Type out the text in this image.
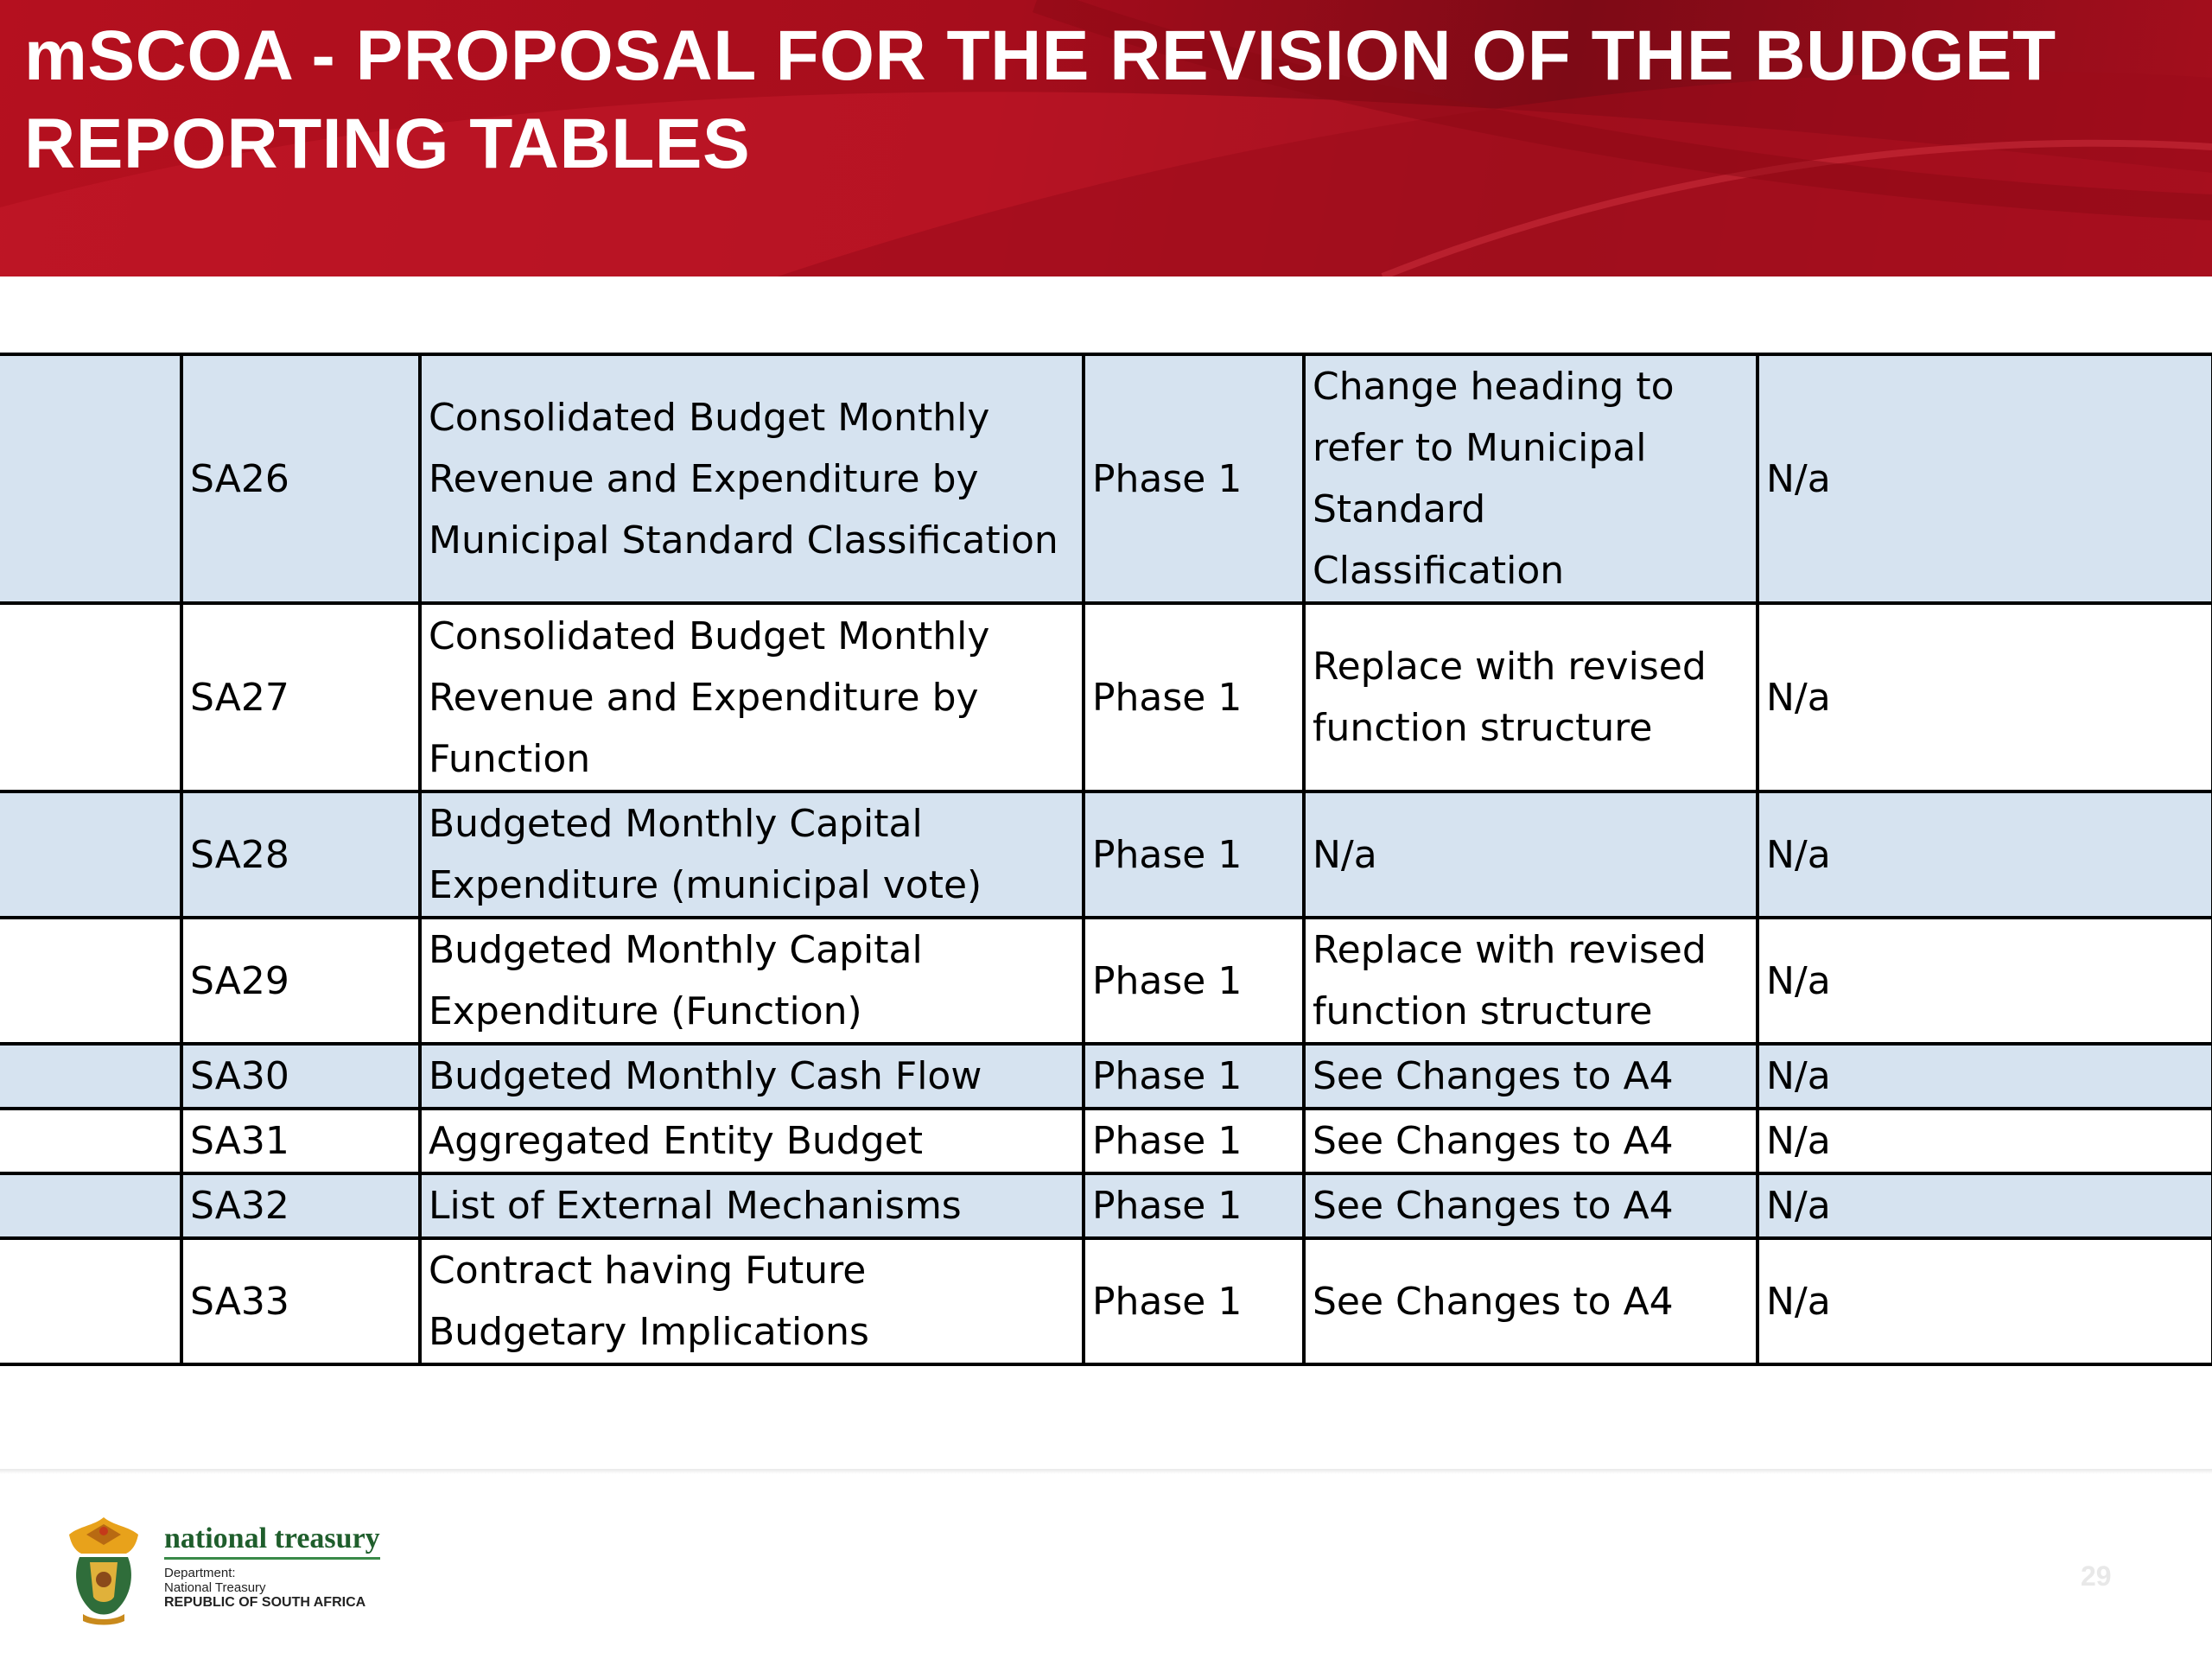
mSCOA - PROPOSAL FOR THE REVISION OF THE BUDGET REPORTING TABLES
	SA26	Consolidated Budget Monthly Revenue and Expenditure by Municipal Standard Classification	Phase 1	Change heading to refer to Municipal Standard Classification	N/a
	SA27	Consolidated Budget Monthly Revenue and Expenditure by Function	Phase 1	Replace with revised function structure	N/a
	SA28	Budgeted Monthly Capital Expenditure (municipal vote)	Phase 1	N/a	N/a
	SA29	Budgeted Monthly Capital Expenditure (Function)	Phase 1	Replace with revised function structure	N/a
	SA30	Budgeted Monthly Cash Flow	Phase 1	See Changes to A4	N/a
	SA31	Aggregated Entity Budget	Phase 1	See Changes to A4	N/a
	SA32	List of External Mechanisms	Phase 1	See Changes to A4	N/a
	SA33	Contract having Future Budgetary Implications	Phase 1	See Changes to A4	N/a
national treasury
Department:
National Treasury
REPUBLIC OF SOUTH AFRICA
29
